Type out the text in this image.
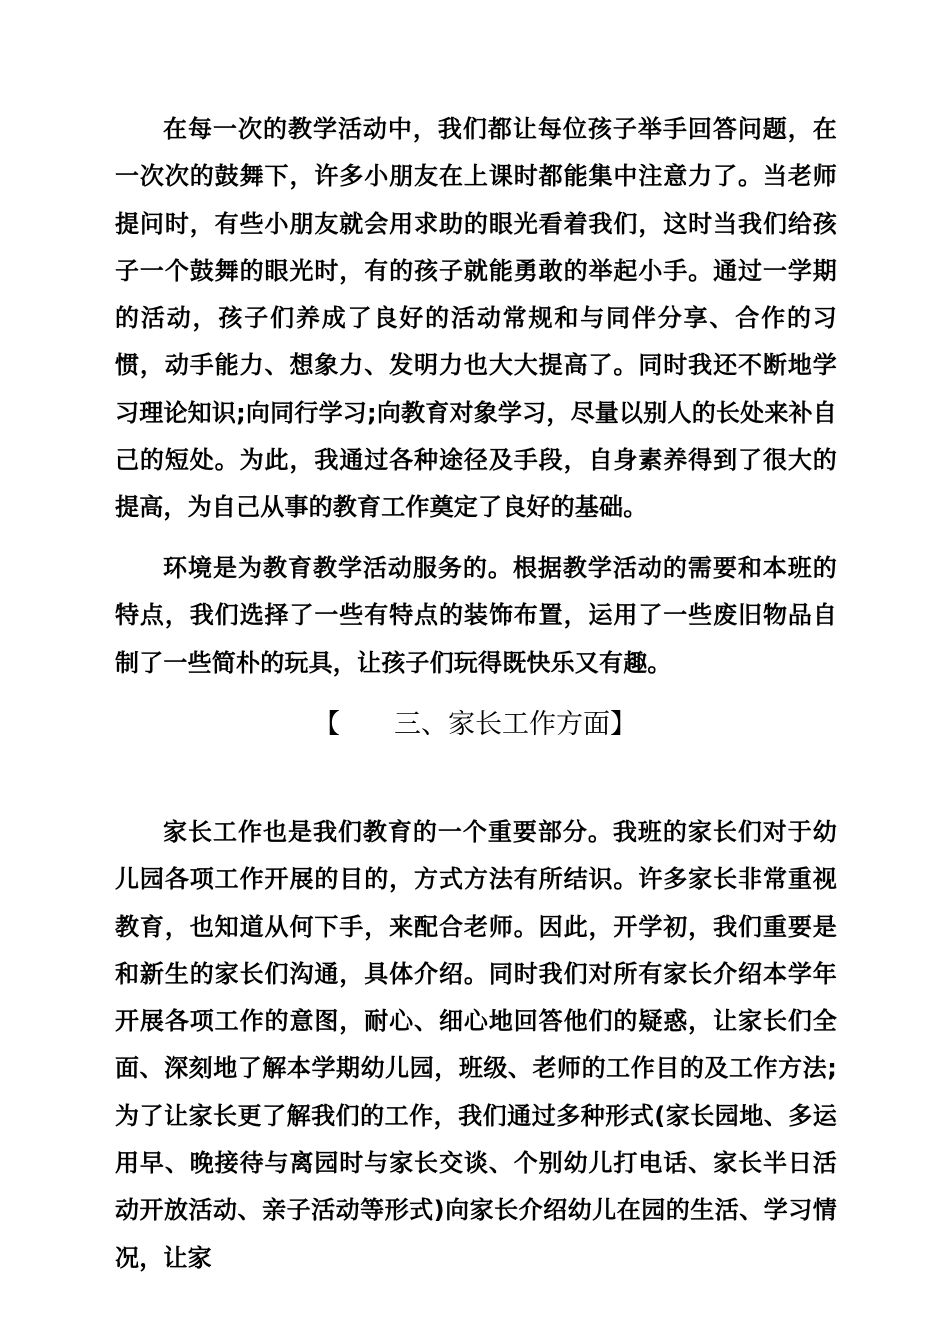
在每一次的教学活动中，我们都让每位孩子举手回答问题，在一次次的鼓舞下，许多小朋友在上课时都能集中注意力了。当老师提问时，有些小朋友就会用求助的眼光看着我们，这时当我们给孩子一个鼓舞的眼光时，有的孩子就能勇敢的举起小手。通过一学期的活动，孩子们养成了良好的活动常规和与同伴分享、合作的习惯，动手能力、想象力、发明力也大大提高了。同时我还不断地学习理论知识;向同行学习;向教育对象学习，尽量以别人的长处来补自己的短处。为此，我通过各种途径及手段，自身素养得到了很大的提高，为自己从事的教育工作奠定了良好的基础。

环境是为教育教学活动服务的。根据教学活动的需要和本班的特点，我们选择了一些有特点的装饰布置，运用了一些废旧物品自制了一些简朴的玩具，让孩子们玩得既快乐又有趣。

【　　三、家长工作方面】

家长工作也是我们教育的一个重要部分。我班的家长们对于幼儿园各项工作开展的目的，方式方法有所结识。许多家长非常重视教育，也知道从何下手，来配合老师。因此，开学初，我们重要是和新生的家长们沟通，具体介绍。同时我们对所有家长介绍本学年开展各项工作的意图，耐心、细心地回答他们的疑惑，让家长们全面、深刻地了解本学期幼儿园，班级、老师的工作目的及工作方法;为了让家长更了解我们的工作，我们通过多种形式(家长园地、多运用早、晚接待与离园时与家长交谈、个别幼儿打电话、家长半日活动开放活动、亲子活动等形式)向家长介绍幼儿在园的生活、学习情况，让家
